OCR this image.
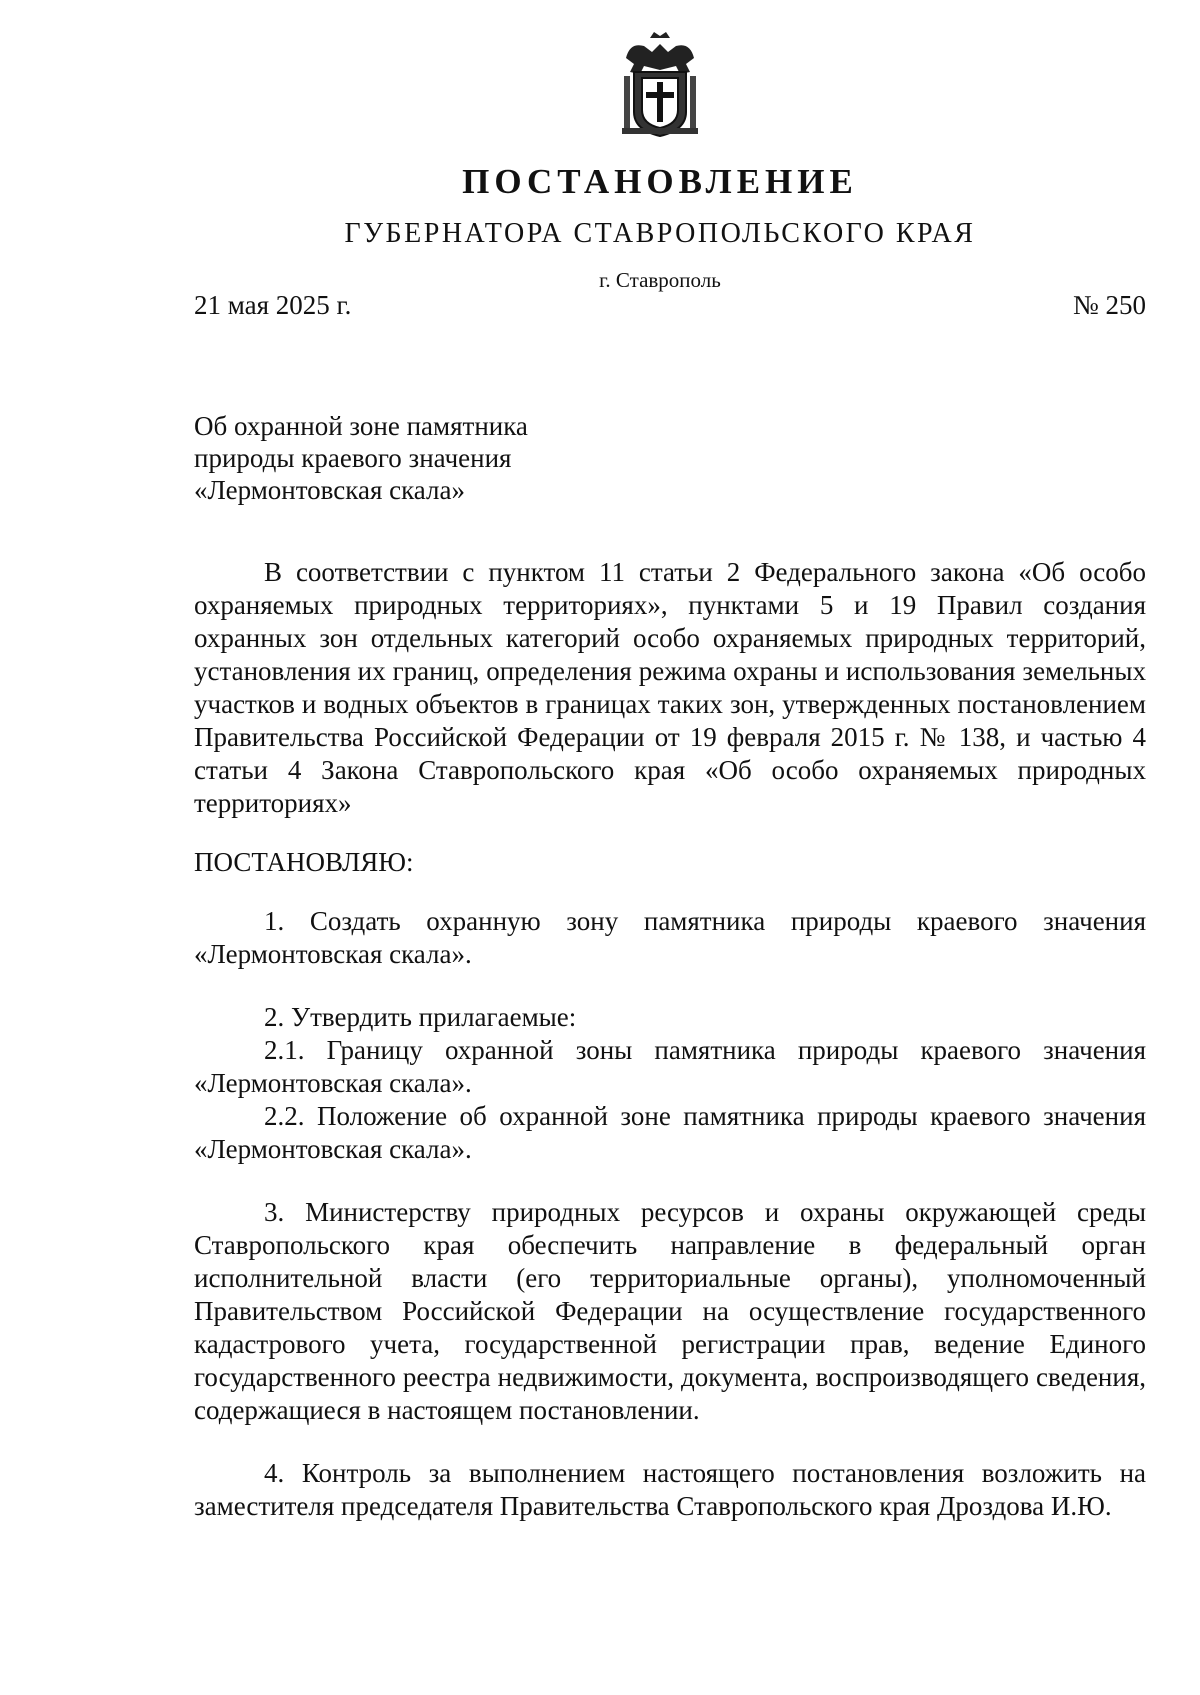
ПОСТАНОВЛЕНИЕ
ГУБЕРНАТОРА СТАВРОПОЛЬСКОГО КРАЯ
г. Ставрополь
21 мая 2025 г.	№ 250
Об охранной зоне памятника
природы краевого значения
«Лермонтовская скала»

В соответствии с пунктом 11 статьи 2 Федерального закона «Об особо охраняемых природных территориях», пунктами 5 и 19 Правил создания охранных зон отдельных категорий особо охраняемых природных территорий, установления их границ, определения режима охраны и использования земельных участков и водных объектов в границах таких зон, утвержденных постановлением Правительства Российской Федерации от 19 февраля 2015 г. № 138, и частью 4 статьи 4 Закона Ставропольского края «Об особо охраняемых природных территориях»

ПОСТАНОВЛЯЮ:

1. Создать охранную зону памятника природы краевого значения «Лермонтовская скала».

2. Утвердить прилагаемые:

2.1. Границу охранной зоны памятника природы краевого значения «Лермонтовская скала».

2.2. Положение об охранной зоне памятника природы краевого значения «Лермонтовская скала».

3. Министерству природных ресурсов и охраны окружающей среды Ставропольского края обеспечить направление в федеральный орган исполнительной власти (его территориальные органы), уполномоченный Правительством Российской Федерации на осуществление государственного кадастрового учета, государственной регистрации прав, ведение Единого государственного реестра недвижимости, документа, воспроизводящего сведения, содержащиеся в настоящем постановлении.

4. Контроль за выполнением настоящего постановления возложить на заместителя председателя Правительства Ставропольского края Дроздова И.Ю.
